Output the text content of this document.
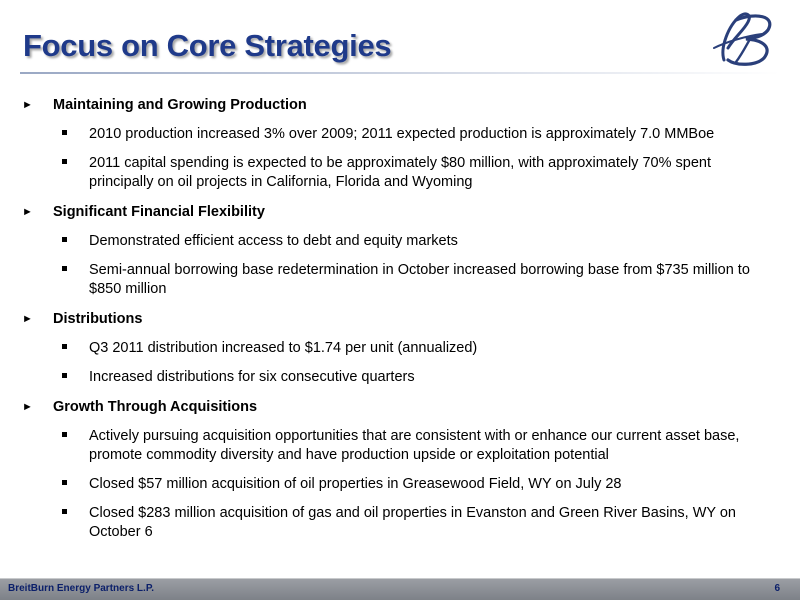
Focus on Core Strategies
►	Maintaining and Growing Production
2010 production increased 3% over 2009; 2011 expected production is approximately 7.0 MMBoe
2011 capital spending is expected to be approximately $80 million, with approximately 70% spent principally on oil projects in California, Florida and Wyoming
►	Significant Financial Flexibility
Demonstrated efficient access to debt and equity markets
Semi-annual borrowing base redetermination in October increased borrowing base from $735 million to $850 million
►	Distributions
Q3 2011 distribution increased to $1.74 per unit (annualized)
Increased distributions for six consecutive quarters
►	Growth Through Acquisitions
Actively pursuing acquisition opportunities that are consistent with or enhance our current asset base, promote commodity diversity and have production upside or exploitation potential
Closed $57 million acquisition of oil properties in Greasewood Field, WY on July 28
Closed $283 million acquisition of gas and oil properties in Evanston and Green River Basins, WY on October 6
BreitBurn Energy Partners L.P.	6
